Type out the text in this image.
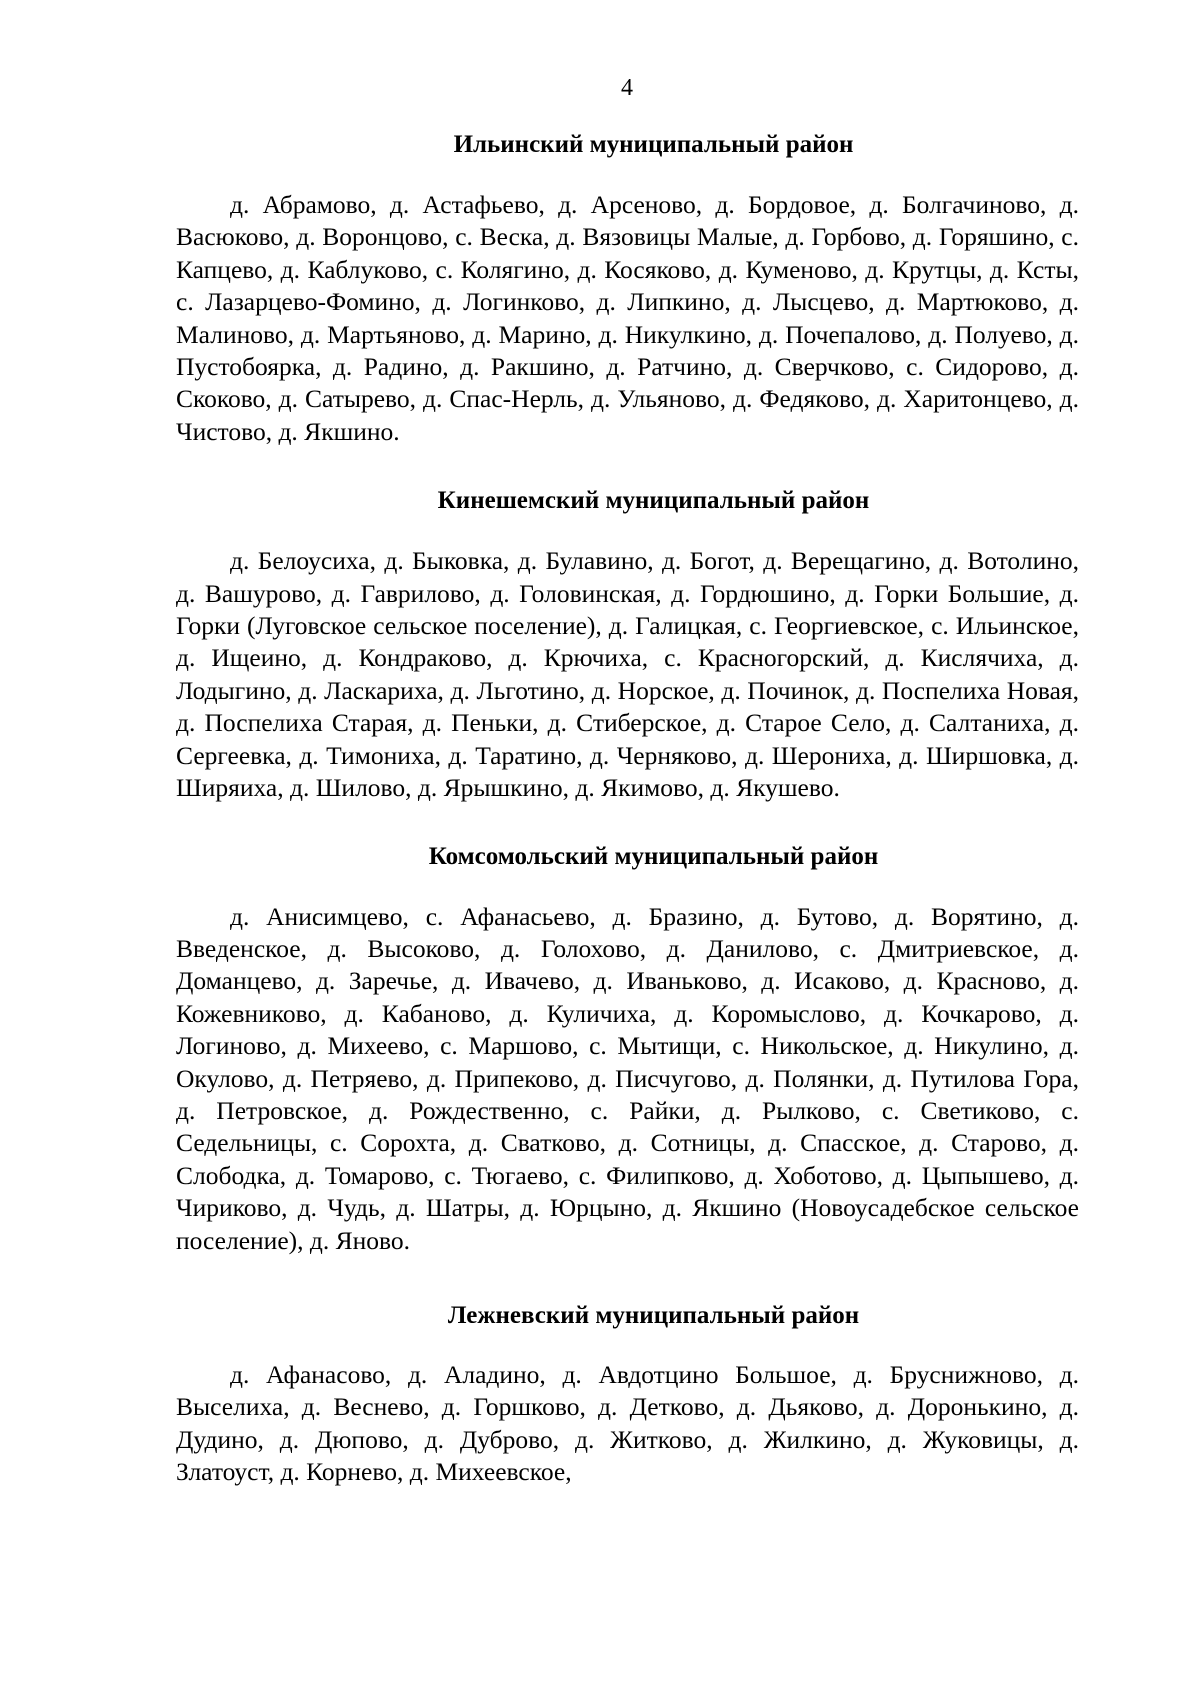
4
Ильинский муниципальный район

д. Абрамово, д. Астафьево, д. Арсеново, д. Бордовое, д. Болгачиново, д. Васюково, д. Воронцово, с. Веска, д. Вязовицы Малые, д. Горбово, д. Горяшино, с. Капцево, д. Каблуково, с. Колягино, д. Косяково, д. Куменово, д. Крутцы, д. Ксты, с. Лазарцево-Фомино, д. Логинково, д. Липкино, д. Лысцево, д. Мартюково, д. Малиново, д. Мартьяново, д. Марино, д. Никулкино, д. Почепалово, д. Полуево, д. Пустобоярка, д. Радино, д. Ракшино, д. Ратчино, д. Сверчково, с. Сидорово, д. Скоково, д. Сатырево, д. Спас-Нерль, д. Ульяново, д. Федяково, д. Харитонцево, д. Чистово, д. Якшино.

Кинешемский муниципальный район

д. Белоусиха, д. Быковка, д. Булавино, д. Богот, д. Верещагино, д. Вотолино, д. Вашурово, д. Гаврилово, д. Головинская, д. Гордюшино, д. Горки Большие, д. Горки (Луговское сельское поселение), д. Галицкая, с. Георгиевское, с. Ильинское, д. Ищеино, д. Кондраково, д. Крючиха, с. Красногорский, д. Кислячиха, д. Лодыгино, д. Ласкариха, д. Льготино, д. Норское, д. Починок, д. Поспелиха Новая, д. Поспелиха Старая, д. Пеньки, д. Стиберское, д. Старое Село, д. Салтаниха, д. Сергеевка, д. Тимониха, д. Таратино, д. Черняково, д. Шерониха, д. Ширшовка, д. Ширяиха, д. Шилово, д. Ярышкино, д. Якимово, д. Якушево.

Комсомольский муниципальный район

д. Анисимцево, с. Афанасьево, д. Бразино, д. Бутово, д. Ворятино, д. Введенское, д. Высоково, д. Голохово, д. Данилово, с. Дмитриевское, д. Доманцево, д. Заречье, д. Ивачево, д. Иваньково, д. Исаково, д. Красново, д. Кожевниково, д. Кабаново, д. Куличиха, д. Коромыслово, д. Кочкарово, д. Логиново, д. Михеево, с. Маршово, с. Мытищи, с. Никольское, д. Никулино, д. Окулово, д. Петряево, д. Припеково, д. Писчугово, д. Полянки, д. Путилова Гора, д. Петровское, д. Рождественно, с. Райки, д. Рылково, с. Светиково, с. Седельницы, с. Сорохта, д. Сватково, д. Сотницы, д. Спасское, д. Старово, д. Слободка, д. Томарово, с. Тюгаево, с. Филипково, д. Хоботово, д. Цыпышево, д. Чириково, д. Чудь, д. Шатры, д. Юрцыно, д. Якшино (Новоусадебское сельское поселение), д. Яново.

Лежневский муниципальный район

д. Афанасово, д. Аладино, д. Авдотцино Большое, д. Бруснижново, д. Выселиха, д. Веснево, д. Горшково, д. Детково, д. Дьяково, д. Доронькино, д. Дудино, д. Дюпово, д. Дуброво, д. Житково, д. Жилкино, д. Жуковицы, д. Златоуст, д. Корнево, д. Михеевское,
